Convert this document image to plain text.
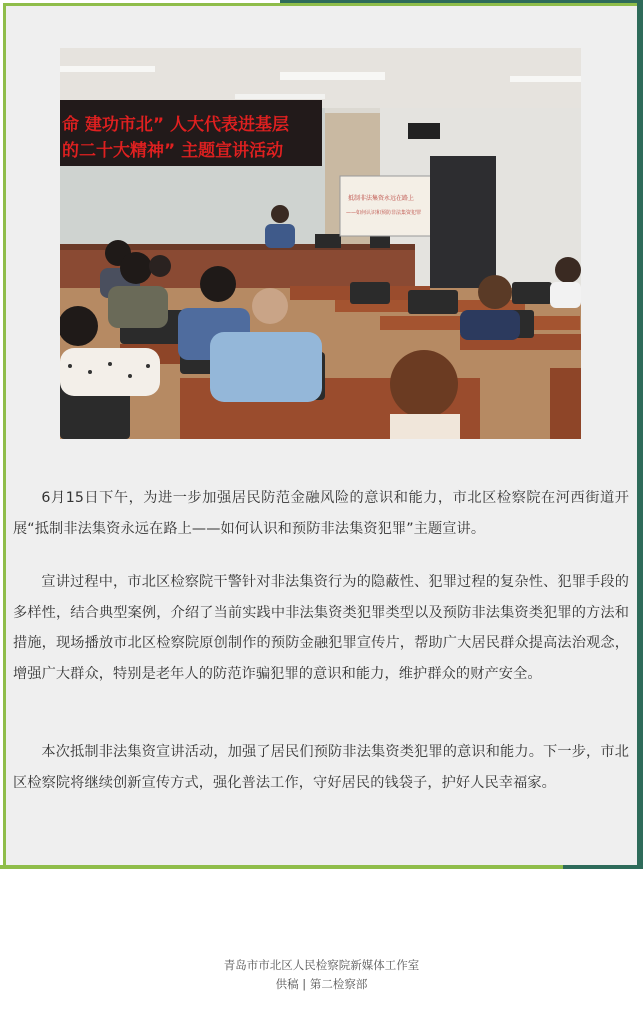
命 建功市北” 人大代表进基层
的二十大精神” 主题宣讲活动
抵制非法集资永远在路上
——如何认识和预防非法集资犯罪

6月15日下午，为进一步加强居民防范金融风险的意识和能力，市北区检察院在河西街道开展“抵制非法集资永远在路上——如何认识和预防非法集资犯罪”主题宣讲。

宣讲过程中，市北区检察院干警针对非法集资行为的隐蔽性、犯罪过程的复杂性、犯罪手段的多样性，结合典型案例，介绍了当前实践中非法集资类犯罪类型以及预防非法集资类犯罪的方法和措施，现场播放市北区检察院原创制作的预防金融犯罪宣传片，帮助广大居民群众提高法治观念，增强广大群众，特别是老年人的防范诈骗犯罪的意识和能力，维护群众的财产安全。

本次抵制非法集资宣讲活动，加强了居民们预防非法集资类犯罪的意识和能力。下一步，市北区检察院将继续创新宣传方式，强化普法工作，守好居民的钱袋子，护好人民幸福家。

青岛市市北区人民检察院新媒体工作室
供稿 | 第二检察部
